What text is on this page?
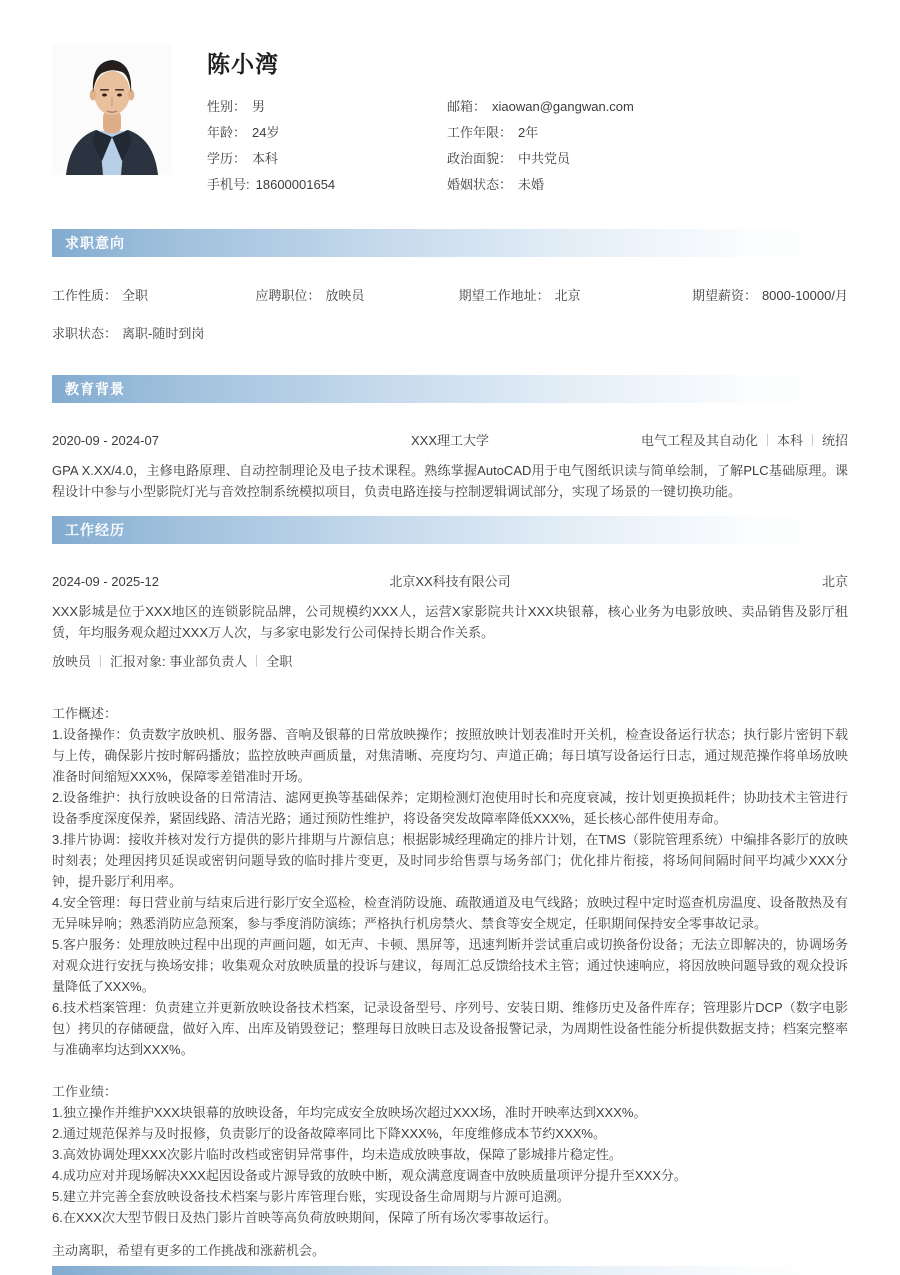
陈小湾
性别： 男
年龄： 24岁
学历： 本科
手机号: 18600001654
邮箱： xiaowan@gangwan.com
工作年限： 2年
政治面貌： 中共党员
婚姻状态： 未婚
求职意向
工作性质： 全职	应聘职位： 放映员	期望工作地址： 北京	期望薪资： 8000-10000/月
求职状态： 离职-随时到岗
教育背景
2020-09 - 2024-07	XXX理工大学	电气工程及其自动化 本科 统招
GPA X.XX/4.0，主修电路原理、自动控制理论及电子技术课程。熟练掌握AutoCAD用于电气图纸识读与简单绘制，了解PLC基础原理。课程设计中参与小型影院灯光与音效控制系统模拟项目，负责电路连接与控制逻辑调试部分，实现了场景的一键切换功能。
工作经历
2024-09 - 2025-12	北京XX科技有限公司	北京
XXX影城是位于XXX地区的连锁影院品牌，公司规模约XXX人，运营X家影院共计XXX块银幕，核心业务为电影放映、卖品销售及影厅租赁，年均服务观众超过XXX万人次，与多家电影发行公司保持长期合作关系。
放映员 汇报对象: 事业部负责人 全职
工作概述：
1.设备操作：负责数字放映机、服务器、音响及银幕的日常放映操作；按照放映计划表准时开关机，检查设备运行状态；执行影片密钥下载与上传，确保影片按时解码播放；监控放映声画质量，对焦清晰、亮度均匀、声道正确；每日填写设备运行日志，通过规范操作将单场放映准备时间缩短XXX%，保障零差错准时开场。
2.设备维护：执行放映设备的日常清洁、滤网更换等基础保养；定期检测灯泡使用时长和亮度衰减，按计划更换损耗件；协助技术主管进行设备季度深度保养，紧固线路、清洁光路；通过预防性维护，将设备突发故障率降低XXX%，延长核心部件使用寿命。
3.排片协调：接收并核对发行方提供的影片排期与片源信息；根据影城经理确定的排片计划，在TMS（影院管理系统）中编排各影厅的放映时刻表；处理因拷贝延误或密钥问题导致的临时排片变更，及时同步给售票与场务部门；优化排片衔接，将场间间隔时间平均减少XXX分钟，提升影厅利用率。
4.安全管理：每日营业前与结束后进行影厅安全巡检，检查消防设施、疏散通道及电气线路；放映过程中定时巡查机房温度、设备散热及有无异味异响；熟悉消防应急预案，参与季度消防演练；严格执行机房禁火、禁食等安全规定，任职期间保持安全零事故记录。
5.客户服务：处理放映过程中出现的声画问题，如无声、卡顿、黑屏等，迅速判断并尝试重启或切换备份设备；无法立即解决的，协调场务对观众进行安抚与换场安排；收集观众对放映质量的投诉与建议，每周汇总反馈给技术主管；通过快速响应，将因放映问题导致的观众投诉量降低了XXX%。
6.技术档案管理：负责建立并更新放映设备技术档案，记录设备型号、序列号、安装日期、维修历史及备件库存；管理影片DCP（数字电影包）拷贝的存储硬盘，做好入库、出库及销毁登记；整理每日放映日志及设备报警记录，为周期性设备性能分析提供数据支持；档案完整率与准确率均达到XXX%。
工作业绩：
1.独立操作并维护XXX块银幕的放映设备，年均完成安全放映场次超过XXX场，准时开映率达到XXX%。
2.通过规范保养与及时报修，负责影厅的设备故障率同比下降XXX%，年度维修成本节约XXX%。
3.高效协调处理XXX次影片临时改档或密钥异常事件，均未造成放映事故，保障了影城排片稳定性。
4.成功应对并现场解决XXX起因设备或片源导致的放映中断，观众满意度调查中放映质量项评分提升至XXX分。
5.建立并完善全套放映设备技术档案与影片库管理台账，实现设备生命周期与片源可追溯。
6.在XXX次大型节假日及热门影片首映等高负荷放映期间，保障了所有场次零事故运行。
主动离职，希望有更多的工作挑战和涨薪机会。
